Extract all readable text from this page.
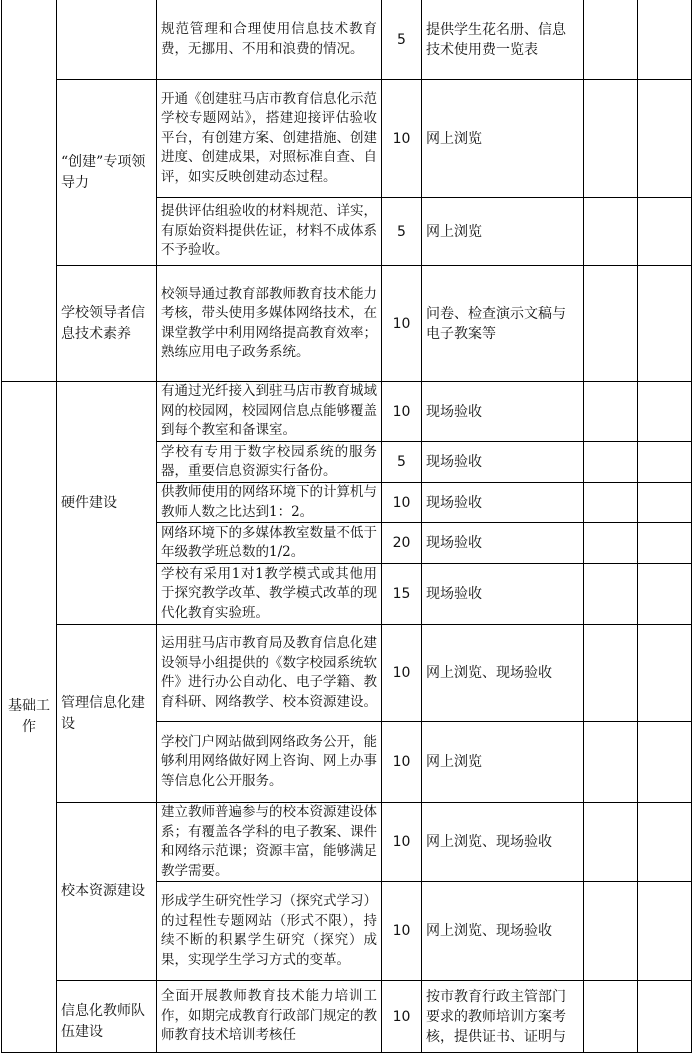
		规范管理和合理使用信息技术教育费，无挪用、不用和浪费的情况。	5	提供学生花名册、信息技术使用费一览表		
	“创建”专项领导力	开通《创建驻马店市教育信息化示范学校专题网站》，搭建迎接评估验收平台，有创建方案、创建措施、创建进度、创建成果，对照标准自查、自评，如实反映创建动态过程。	10	网上浏览		
		提供评估组验收的材料规范、详实，有原始资料提供佐证，材料不成体系不予验收。	5	网上浏览		
	学校领导者信息技术素养	校领导通过教育部教师教育技术能力考核，带头使用多媒体网络技术，在课堂教学中利用网络提高教育效率；熟练应用电子政务系统。	10	问卷、检查演示文稿与电子教案等		
基础工作	硬件建设	有通过光纤接入到驻马店市教育城域网的校园网，校园网信息点能够覆盖到每个教室和备课室。	10	现场验收		
		学校有专用于数字校园系统的服务器，重要信息资源实行备份。	5	现场验收		
		供教师使用的网络环境下的计算机与教师人数之比达到1：2。	10	现场验收		
		网络环境下的多媒体教室数量不低于年级教学班总数的1/2。	20	现场验收		
		学校有采用1对1教学模式或其他用于探究教学改革、教学模式改革的现代化教育实验班。	15	现场验收		
	管理信息化建设	运用驻马店市教育局及教育信息化建设领导小组提供的《数字校园系统软件》进行办公自动化、电子学籍、教育科研、网络教学、校本资源建设。	10	网上浏览、现场验收		
		学校门户网站做到网络政务公开，能够利用网络做好网上咨询、网上办事等信息化公开服务。	10	网上浏览		
	校本资源建设	建立教师普遍参与的校本资源建设体系；有覆盖各学科的电子教案、课件和网络示范课；资源丰富，能够满足教学需要。	10	网上浏览、现场验收		
		形成学生研究性学习（探究式学习）的过程性专题网站（形式不限），持续不断的积累学生研究（探究）成果，实现学生学习方式的变革。	10	网上浏览、现场验收		
	信息化教师队伍建设	全面开展教师教育技术能力培训工作，如期完成教育行政部门规定的教师教育技术培训考核任	10	按市教育行政主管部门要求的教师培训方案考核，提供证书、证明与		
